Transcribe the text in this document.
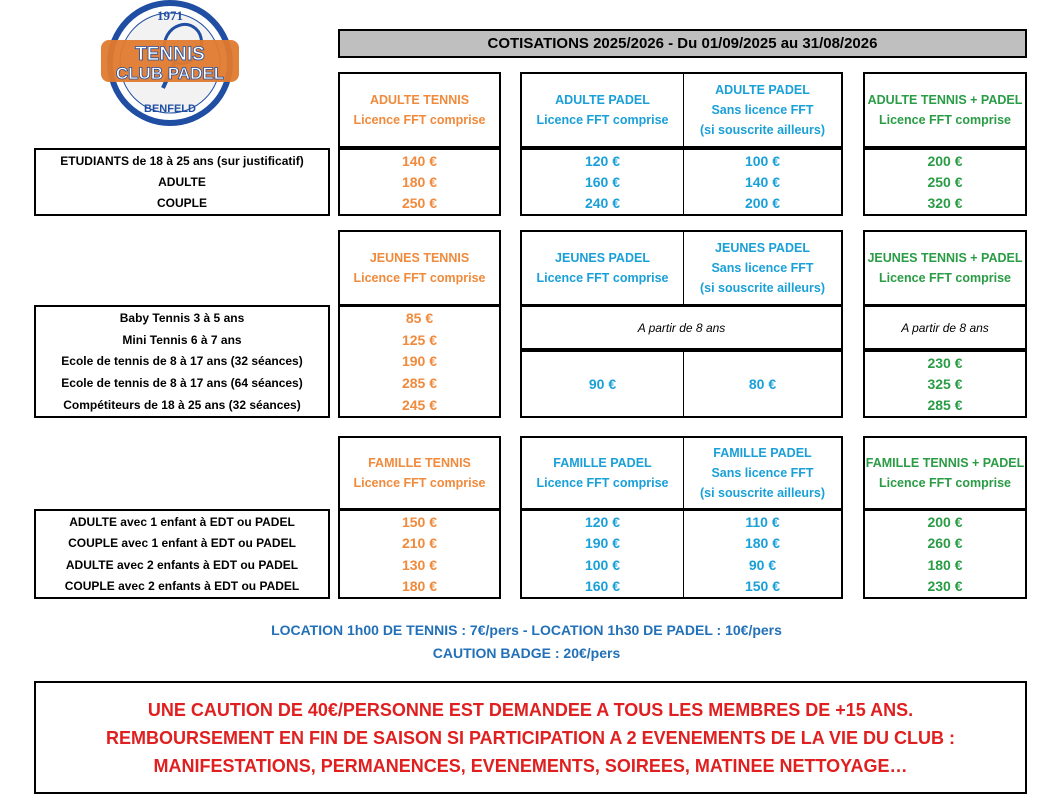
1971
TENNIS
CLUB PADEL
BENFELD
COTISATIONS 2025/2026 - Du 01/09/2025 au 31/08/2026
ADULTE TENNIS
Licence FFT comprise
ADULTE PADEL
Licence FFT comprise
ADULTE PADEL
Sans licence FFT
(si souscrite ailleurs)
ADULTE TENNIS + PADEL
Licence FFT comprise
ETUDIANTS de 18 à 25 ans (sur justificatif)
ADULTE
COUPLE
140 €
180 €
250 €
120 €
160 €
240 €
100 €
140 €
200 €
200 €
250 €
320 €
JEUNES TENNIS
Licence FFT comprise
JEUNES PADEL
Licence FFT comprise
JEUNES PADEL
Sans licence FFT
(si souscrite ailleurs)
JEUNES TENNIS + PADEL
Licence FFT comprise
Baby Tennis 3 à 5 ans
Mini Tennis 6 à 7 ans
Ecole de tennis de 8 à 17 ans (32 séances)
Ecole de tennis de 8 à 17 ans (64 séances)
Compétiteurs de 18 à 25 ans (32 séances)
85 €
125 €
190 €
285 €
245 €
A partir de 8 ans
90 €	80 €
A partir de 8 ans
230 €
325 €
285 €
FAMILLE TENNIS
Licence FFT comprise
FAMILLE PADEL
Licence FFT comprise
FAMILLE PADEL
Sans licence FFT
(si souscrite ailleurs)
FAMILLE TENNIS + PADEL
Licence FFT comprise
ADULTE avec 1 enfant à EDT ou PADEL
COUPLE avec 1 enfant à EDT ou PADEL
ADULTE avec 2 enfants à EDT ou PADEL
COUPLE avec 2 enfants à EDT ou PADEL
150 €
210 €
130 €
180 €
120 €
190 €
100 €
160 €
110 €
180 €
90 €
150 €
200 €
260 €
180 €
230 €
LOCATION 1h00 DE TENNIS : 7€/pers - LOCATION 1h30 DE PADEL : 10€/pers
CAUTION BADGE : 20€/pers
UNE CAUTION DE 40€/PERSONNE EST DEMANDEE A TOUS LES MEMBRES DE +15 ANS.
REMBOURSEMENT EN FIN DE SAISON SI PARTICIPATION A 2 EVENEMENTS DE LA VIE DU CLUB :
MANIFESTATIONS, PERMANENCES, EVENEMENTS, SOIREES, MATINEE NETTOYAGE…
